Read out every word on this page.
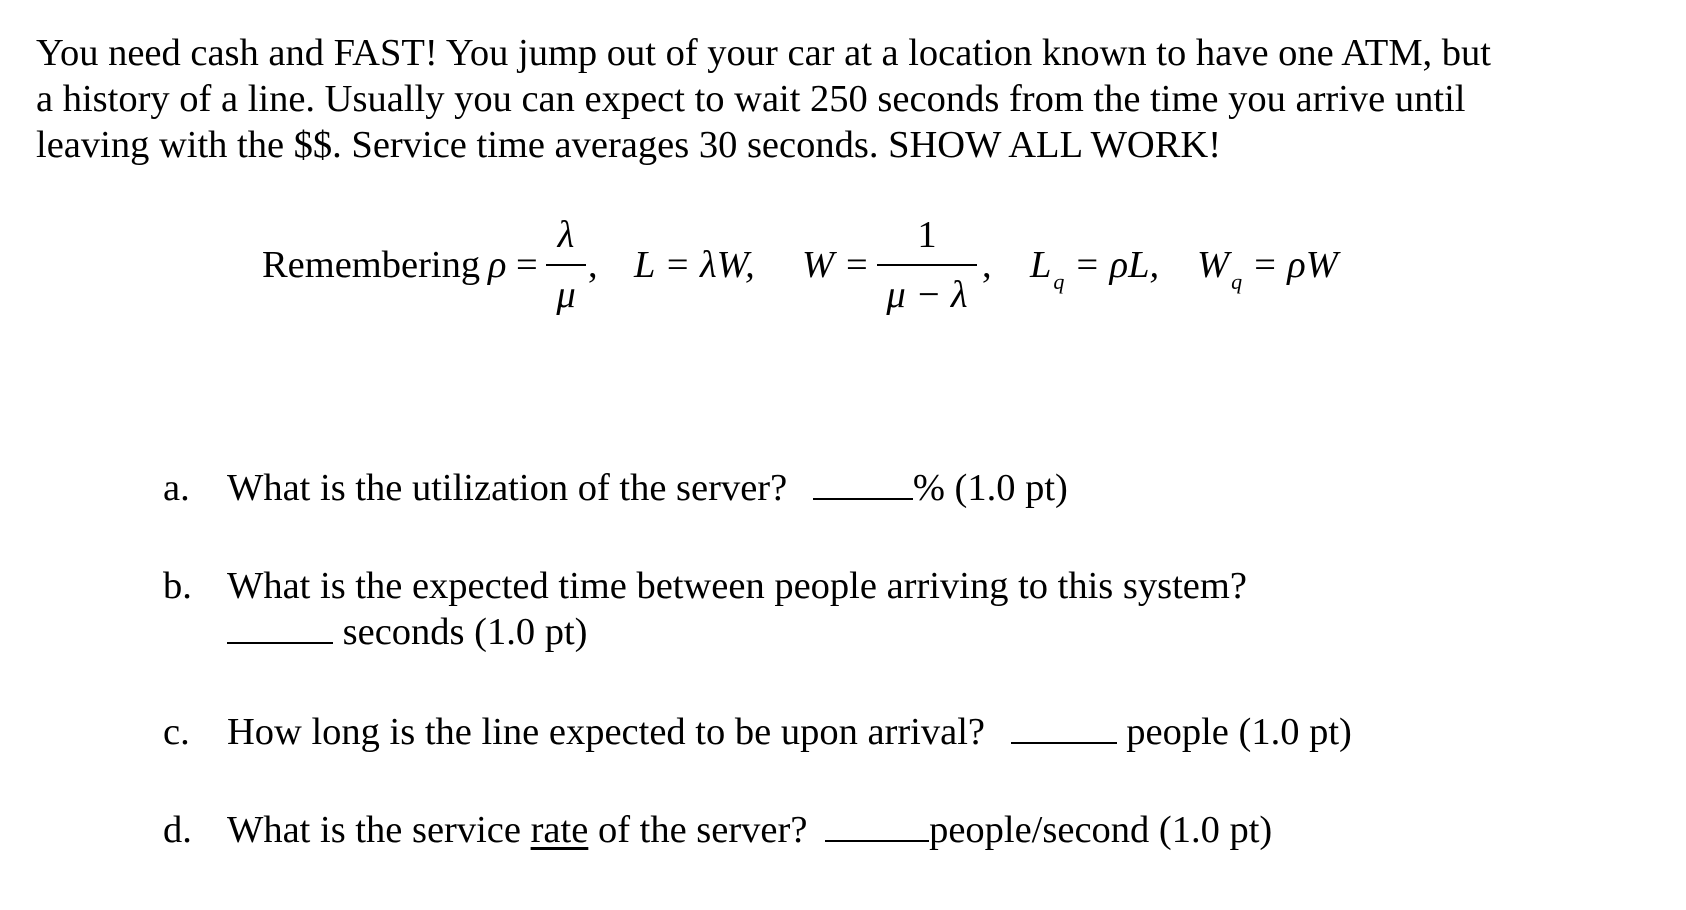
You need cash and FAST! You jump out of your car at a location known to have one ATM, but
a history of a line. Usually you can expect to wait 250 seconds from the time you arrive until
leaving with the $$. Service time averages 30 seconds. SHOW ALL WORK!
Remembering ρ =
λ
μ
, L = λW, W =
1
μ − λ
, $L_q = \rho L$, $W_q = \rho W$
a. What is the utilization of the server?	% (1.0 pt)
b. What is the expected time between people arriving to this system?
seconds (1.0 pt)
c. How long is the line expected to be upon arrival?	people (1.0 pt)
d. What is the service rate of the server?	people/second (1.0 pt)
